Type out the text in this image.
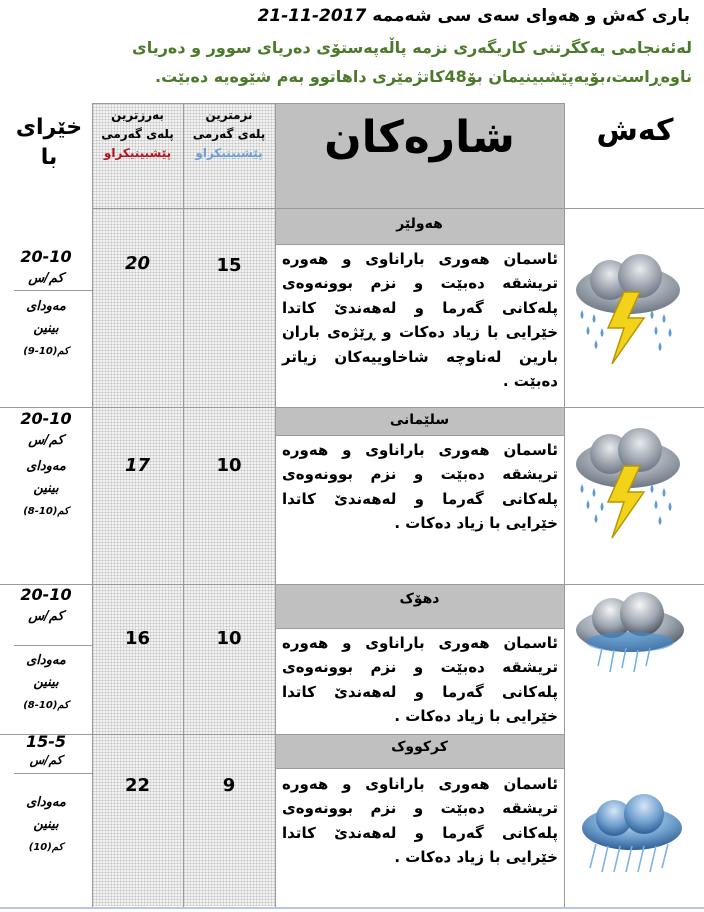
باری کەش و هەوای سەی سی شەممە 2017-11-21
لەئەنجامی یەکگرتنی کاریگەری نزمە پاڵەپەستۆی دەریای سوور و دەریای ناوەڕاست،بۆیەپێشبینیمان بۆ48کاتژمێری داهاتوو بەم شێوەیە دەبێت.
کەش
شارەکان
نزمترین
پلەی گەرمی
پێشبینیکراو
بەرزترین
پلەی گەرمی
پێشبینیکراو
خێرای
با
هەولێر
ئاسمان هەوری باراناوی و هەورە تریشقە دەبێت و نزم بوونەوەی پلەکانی گەرما و لەهەندێ کاتدا خێرایی با زیاد دەکات و ڕێژەی باران بارین لەناوچە شاخاوییەکان زیاتر دەبێت .
15
20
20-10
کم/س
مەودای بینین
کم(10-9)
سلێمانی
ئاسمان هەوری باراناوی و هەورە تریشقە دەبێت و نزم بوونەوەی پلەکانی گەرما و لەهەندێ کاتدا خێرایی با زیاد دەکات .
10
17
20-10
کم/س
مەودای بینین
کم(10-8)
دهۆک
ئاسمان هەوری باراناوی و هەورە تریشقە دەبێت و نزم بوونەوەی پلەکانی گەرما و لەهەندێ کاتدا خێرایی با زیاد دەکات .
10
16
20-10
کم/س
مەودای بینین
کم(10-8)
کرکووک
ئاسمان هەوری باراناوی و هەورە تریشقە دەبێت و نزم بوونەوەی پلەکانی گەرما و لەهەندێ کاتدا خێرایی با زیاد دەکات .
9
22
15-5
کم/س
مەودای بینین
کم(10)
